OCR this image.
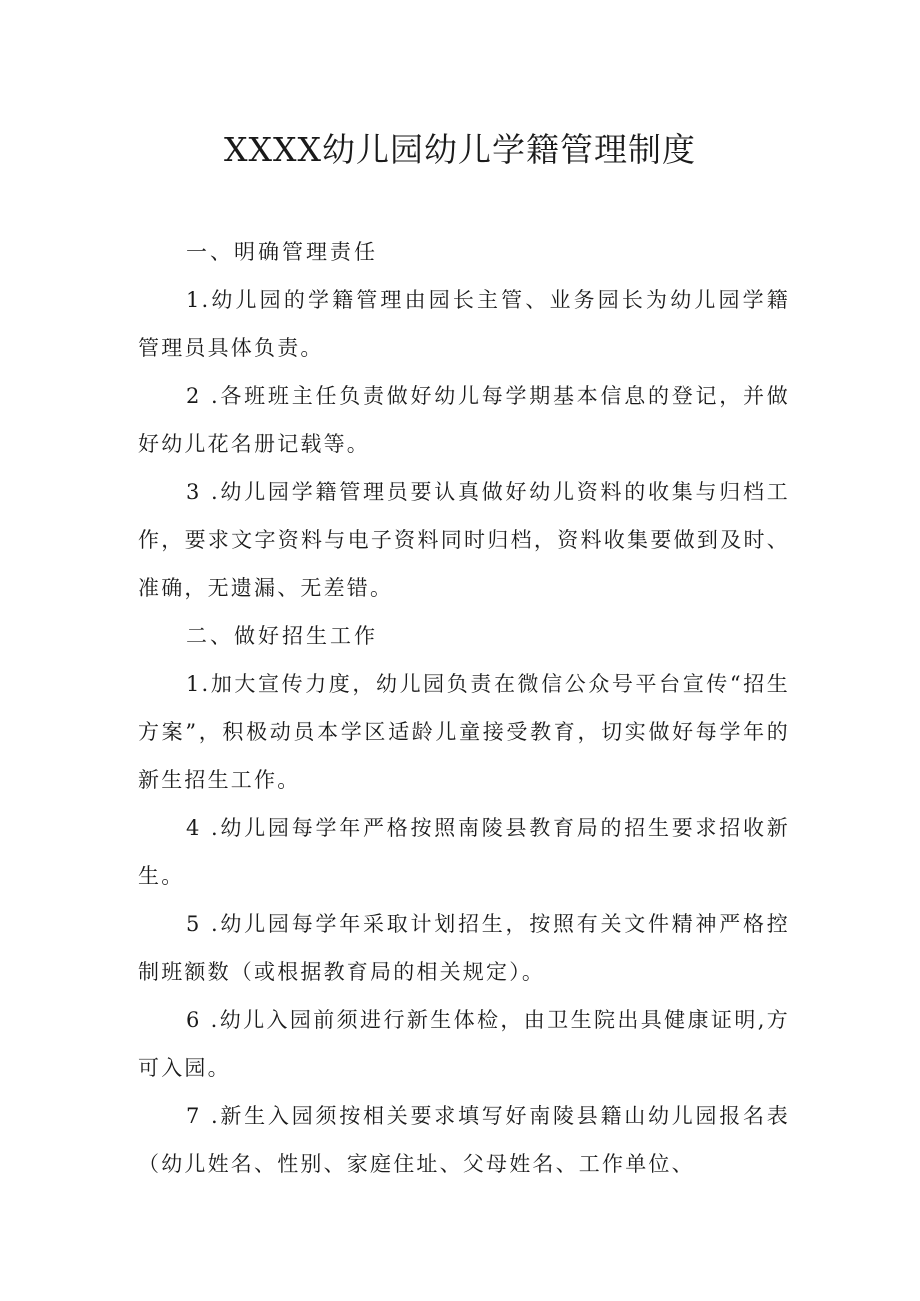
XXXX幼儿园幼儿学籍管理制度

一、明确管理责任

1.幼儿园的学籍管理由园长主管、业务园长为幼儿园学籍管理员具体负责。

2 .各班班主任负责做好幼儿每学期基本信息的登记，并做好幼儿花名册记载等。

3 .幼儿园学籍管理员要认真做好幼儿资料的收集与归档工作，要求文字资料与电子资料同时归档，资料收集要做到及时、准确，无遗漏、无差错。

二、做好招生工作

1.加大宣传力度，幼儿园负责在微信公众号平台宣传“招生方案”，积极动员本学区适龄儿童接受教育，切实做好每学年的新生招生工作。

4 .幼儿园每学年严格按照南陵县教育局的招生要求招收新生。

5 .幼儿园每学年采取计划招生，按照有关文件精神严格控制班额数（或根据教育局的相关规定）。

6 .幼儿入园前须进行新生体检，由卫生院出具健康证明,方可入园。

7 .新生入园须按相关要求填写好南陵县籍山幼儿园报名表（幼儿姓名、性别、家庭住址、父母姓名、工作单位、
